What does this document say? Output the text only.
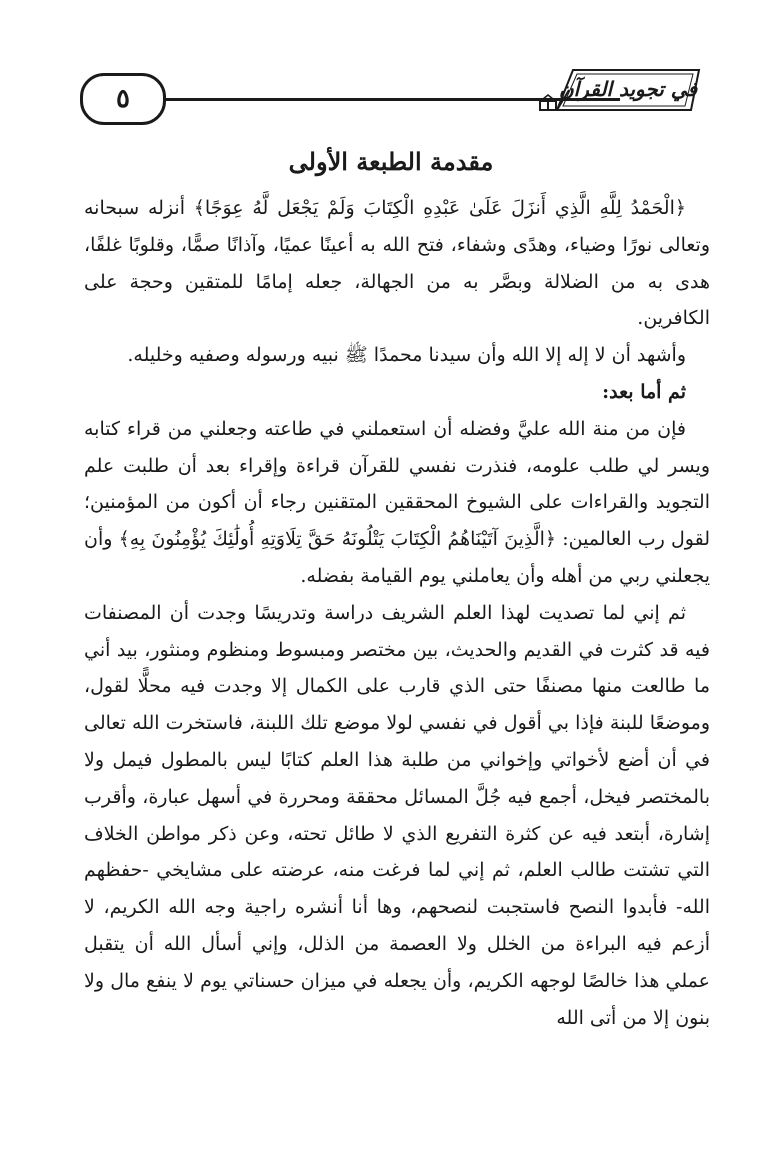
٥	في تجويد القرآن
مقدمة الطبعة الأولى

﴿الْحَمْدُ لِلَّهِ الَّذِي أَنزَلَ عَلَىٰ عَبْدِهِ الْكِتَابَ وَلَمْ يَجْعَل لَّهُ عِوَجًا﴾ أنزله سبحانه وتعالى نورًا وضياء، وهدًى وشفاء، فتح الله به أعينًا عميًا، وآذانًا صمًّا، وقلوبًا غلفًا، هدى به من الضلالة وبصَّر به من الجهالة، جعله إمامًا للمتقين وحجة على الكافرين.

وأشهد أن لا إله إلا الله وأن سيدنا محمدًا ﷺ نبيه ورسوله وصفيه وخليله.

ثم أما بعد:

فإن من منة الله عليَّ وفضله أن استعملني في طاعته وجعلني من قراء كتابه ويسر لي طلب علومه، فنذرت نفسي للقرآن قراءة وإقراء بعد أن طلبت علم التجويد والقراءات على الشيوخ المحققين المتقنين رجاء أن أكون من المؤمنين؛ لقول رب العالمين: ﴿الَّذِينَ آتَيْنَاهُمُ الْكِتَابَ يَتْلُونَهُ حَقَّ تِلَاوَتِهِ أُولَٰئِكَ يُؤْمِنُونَ بِهِ﴾ وأن يجعلني ربي من أهله وأن يعاملني يوم القيامة بفضله.

ثم إني لما تصديت لهذا العلم الشريف دراسة وتدريسًا وجدت أن المصنفات فيه قد كثرت في القديم والحديث، بين مختصر ومبسوط ومنظوم ومنثور، بيد أني ما طالعت منها مصنفًا حتى الذي قارب على الكمال إلا وجدت فيه محلًّا لقول، وموضعًا للبنة فإذا بي أقول في نفسي لولا موضع تلك اللبنة، فاستخرت الله تعالى في أن أضع لأخواتي وإخواني من طلبة هذا العلم كتابًا ليس بالمطول فيمل ولا بالمختصر فيخل، أجمع فيه جُلَّ المسائل محققة ومحررة في أسهل عبارة، وأقرب إشارة، أبتعد فيه عن كثرة التفريع الذي لا طائل تحته، وعن ذكر مواطن الخلاف التي تشتت طالب العلم، ثم إني لما فرغت منه، عرضته على مشايخي -حفظهم الله- فأبدوا النصح فاستجبت لنصحهم، وها أنا أنشره راجية وجه الله الكريم، لا أزعم فيه البراءة من الخلل ولا العصمة من الذلل، وإني أسأل الله أن يتقبل عملي هذا خالصًا لوجهه الكريم، وأن يجعله في ميزان حسناتي يوم لا ينفع مال ولا بنون إلا من أتى الله
